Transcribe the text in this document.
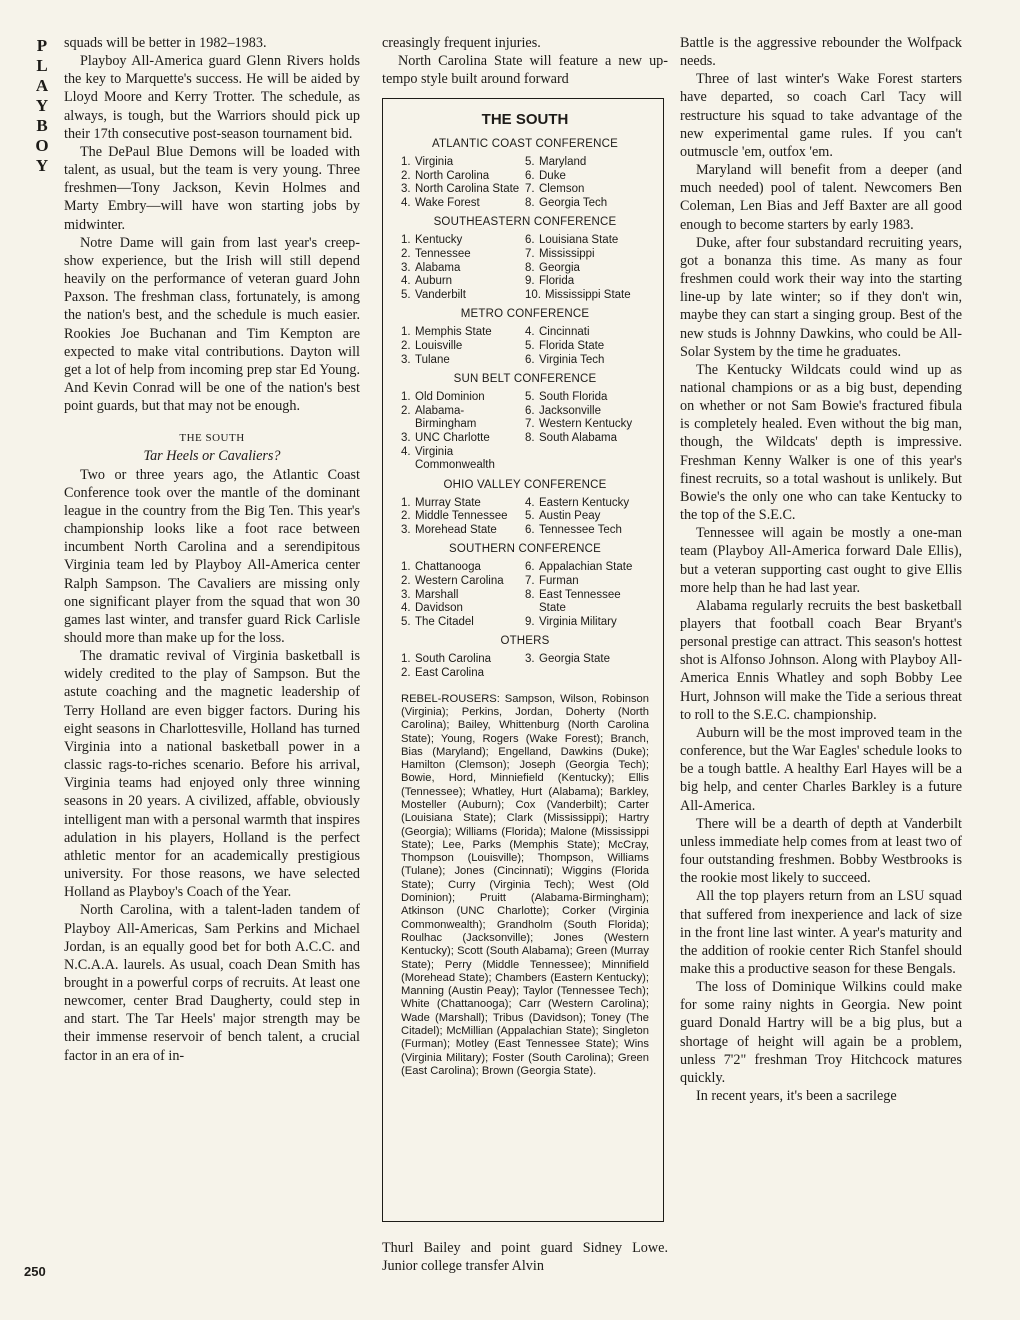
P
L
A
Y
B
O
Y
250

squads will be better in 1982–1983.

Playboy All-America guard Glenn Rivers holds the key to Marquette's success. He will be aided by Lloyd Moore and Kerry Trotter. The schedule, as always, is tough, but the Warriors should pick up their 17th consecutive post-season tournament bid.

The DePaul Blue Demons will be loaded with talent, as usual, but the team is very young. Three freshmen—Tony Jackson, Kevin Holmes and Marty Embry—will have won starting jobs by midwinter.

Notre Dame will gain from last year's creep-show experience, but the Irish will still depend heavily on the performance of veteran guard John Paxson. The freshman class, fortunately, is among the nation's best, and the schedule is much easier. Rookies Joe Buchanan and Tim Kempton are expected to make vital contributions. Dayton will get a lot of help from incoming prep star Ed Young. And Kevin Conrad will be one of the nation's best point guards, but that may not be enough.

THE SOUTH

Tar Heels or Cavaliers?

Two or three years ago, the Atlantic Coast Conference took over the mantle of the dominant league in the country from the Big Ten. This year's championship looks like a foot race between incumbent North Carolina and a serendipitous Virginia team led by Playboy All-America center Ralph Sampson. The Cavaliers are missing only one significant player from the squad that won 30 games last winter, and transfer guard Rick Carlisle should more than make up for the loss.

The dramatic revival of Virginia basketball is widely credited to the play of Sampson. But the astute coaching and the magnetic leadership of Terry Holland are even bigger factors. During his eight seasons in Charlottesville, Holland has turned Virginia into a national basketball power in a classic rags-to-riches scenario. Before his arrival, Virginia teams had enjoyed only three winning seasons in 20 years. A civilized, affable, obviously intelligent man with a personal warmth that inspires adulation in his players, Holland is the perfect athletic mentor for an academically prestigious university. For those reasons, we have selected Holland as Playboy's Coach of the Year.

North Carolina, with a talent-laden tandem of Playboy All-Americas, Sam Perkins and Michael Jordan, is an equally good bet for both A.C.C. and N.C.A.A. laurels. As usual, coach Dean Smith has brought in a powerful corps of recruits. At least one newcomer, center Brad Daugherty, could step in and start. The Tar Heels' major strength may be their immense reservoir of bench talent, a crucial factor in an era of in-

creasingly frequent injuries.

North Carolina State will feature a new up-tempo style built around forward

THE SOUTH
ATLANTIC COAST CONFERENCE
1. Virginia
2. North Carolina
3. North Carolina State
4. Wake Forest
5. Maryland
6. Duke
7. Clemson
8. Georgia Tech
SOUTHEASTERN CONFERENCE
1. Kentucky
2. Tennessee
3. Alabama
4. Auburn
5. Vanderbilt
6. Louisiana State
7. Mississippi
8. Georgia
9. Florida
10. Mississippi State
METRO CONFERENCE
1. Memphis State
2. Louisville
3. Tulane
4. Cincinnati
5. Florida State
6. Virginia Tech
SUN BELT CONFERENCE
1. Old Dominion
2. Alabama-Birmingham
3. UNC Charlotte
4. Virginia Commonwealth
5. South Florida
6. Jacksonville
7. Western Kentucky
8. South Alabama
OHIO VALLEY CONFERENCE
1. Murray State
2. Middle Tennessee
3. Morehead State
4. Eastern Kentucky
5. Austin Peay
6. Tennessee Tech
SOUTHERN CONFERENCE
1. Chattanooga
2. Western Carolina
3. Marshall
4. Davidson
5. The Citadel
6. Appalachian State
7. Furman
8. East Tennessee State
9. Virginia Military
OTHERS
1. South Carolina
2. East Carolina
3. Georgia State
REBEL-ROUSERS: Sampson, Wilson, Robinson (Virginia); Perkins, Jordan, Doherty (North Carolina); Bailey, Whittenburg (North Carolina State); Young, Rogers (Wake Forest); Branch, Bias (Maryland); Engelland, Dawkins (Duke); Hamilton (Clemson); Joseph (Georgia Tech); Bowie, Hord, Minniefield (Kentucky); Ellis (Tennessee); Whatley, Hurt (Alabama); Barkley, Mosteller (Auburn); Cox (Vanderbilt); Carter (Louisiana State); Clark (Mississippi); Hartry (Georgia); Williams (Florida); Malone (Mississippi State); Lee, Parks (Memphis State); McCray, Thompson (Louisville); Thompson, Williams (Tulane); Jones (Cincinnati); Wiggins (Florida State); Curry (Virginia Tech); West (Old Dominion); Pruitt (Alabama-Birmingham); Atkinson (UNC Charlotte); Corker (Virginia Commonwealth); Grandholm (South Florida); Roulhac (Jacksonville); Jones (Western Kentucky); Scott (South Alabama); Green (Murray State); Perry (Middle Tennessee); Minnifield (Morehead State); Chambers (Eastern Kentucky); Manning (Austin Peay); Taylor (Tennessee Tech); White (Chattanooga); Carr (Western Carolina); Wade (Marshall); Tribus (Davidson); Toney (The Citadel); McMillian (Appalachian State); Singleton (Furman); Motley (East Tennessee State); Wins (Virginia Military); Foster (South Carolina); Green (East Carolina); Brown (Georgia State).

Thurl Bailey and point guard Sidney Lowe. Junior college transfer Alvin

Battle is the aggressive rebounder the Wolfpack needs.

Three of last winter's Wake Forest starters have departed, so coach Carl Tacy will restructure his squad to take advantage of the new experimental game rules. If you can't outmuscle 'em, outfox 'em.

Maryland will benefit from a deeper (and much needed) pool of talent. Newcomers Ben Coleman, Len Bias and Jeff Baxter are all good enough to become starters by early 1983.

Duke, after four substandard recruiting years, got a bonanza this time. As many as four freshmen could work their way into the starting line-up by late winter; so if they don't win, maybe they can start a singing group. Best of the new studs is Johnny Dawkins, who could be All-Solar System by the time he graduates.

The Kentucky Wildcats could wind up as national champions or as a big bust, depending on whether or not Sam Bowie's fractured fibula is completely healed. Even without the big man, though, the Wildcats' depth is impressive. Freshman Kenny Walker is one of this year's finest recruits, so a total washout is unlikely. But Bowie's the only one who can take Kentucky to the top of the S.E.C.

Tennessee will again be mostly a one-man team (Playboy All-America forward Dale Ellis), but a veteran supporting cast ought to give Ellis more help than he had last year.

Alabama regularly recruits the best basketball players that football coach Bear Bryant's personal prestige can attract. This season's hottest shot is Alfonso Johnson. Along with Playboy All-America Ennis Whatley and soph Bobby Lee Hurt, Johnson will make the Tide a serious threat to roll to the S.E.C. championship.

Auburn will be the most improved team in the conference, but the War Eagles' schedule looks to be a tough battle. A healthy Earl Hayes will be a big help, and center Charles Barkley is a future All-America.

There will be a dearth of depth at Vanderbilt unless immediate help comes from at least two of four outstanding freshmen. Bobby Westbrooks is the rookie most likely to succeed.

All the top players return from an LSU squad that suffered from inexperience and lack of size in the front line last winter. A year's maturity and the addition of rookie center Rich Stanfel should make this a productive season for these Bengals.

The loss of Dominique Wilkins could make for some rainy nights in Georgia. New point guard Donald Hartry will be a big plus, but a shortage of height will again be a problem, unless 7'2" freshman Troy Hitchcock matures quickly.

In recent years, it's been a sacrilege
